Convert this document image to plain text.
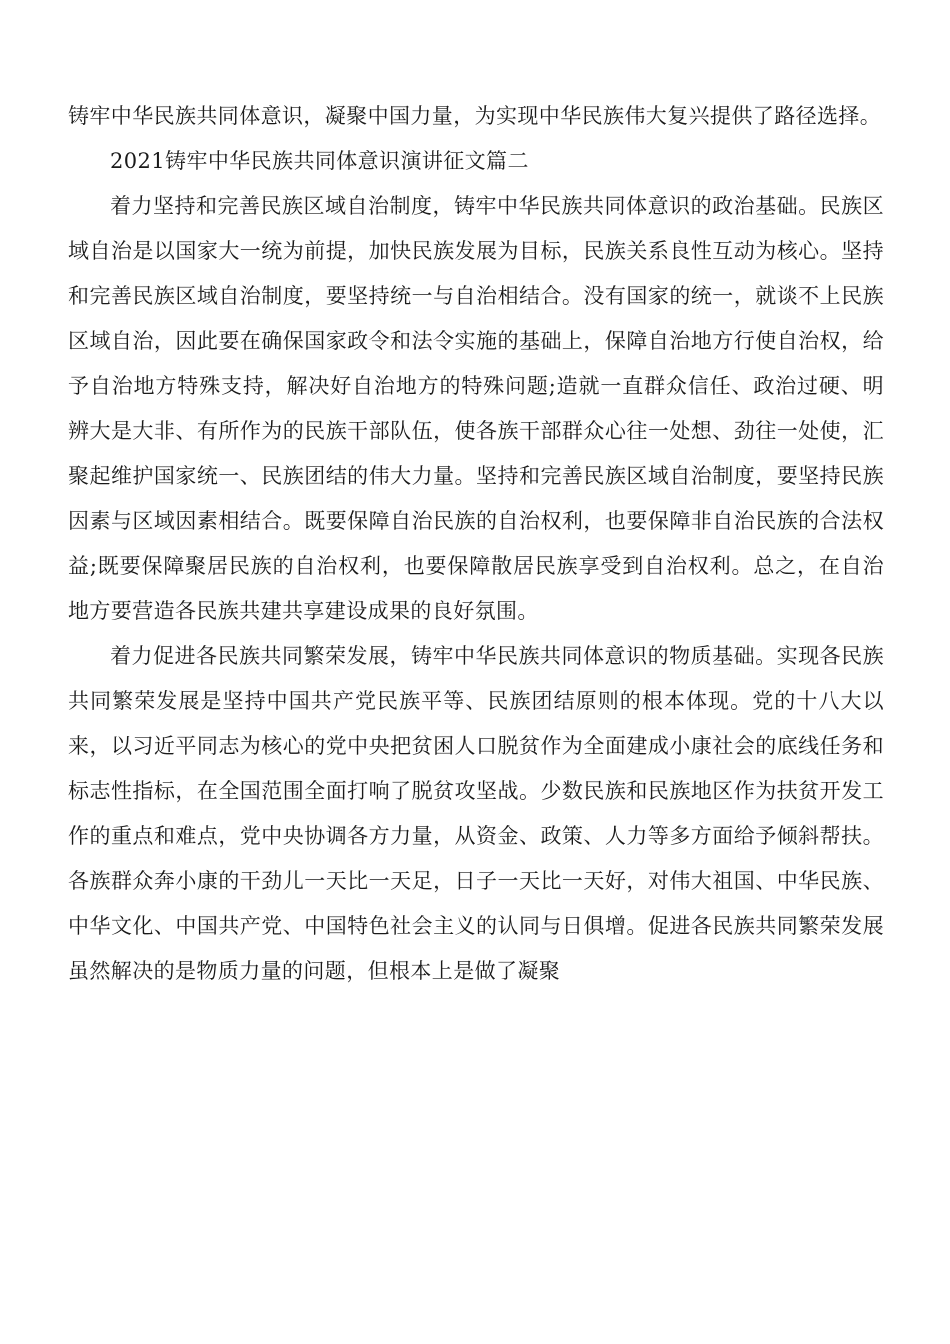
铸牢中华民族共同体意识，凝聚中国力量，为实现中华民族伟大复兴提供了路径选择。

2021铸牢中华民族共同体意识演讲征文篇二

着力坚持和完善民族区域自治制度，铸牢中华民族共同体意识的政治基础。民族区域自治是以国家大一统为前提，加快民族发展为目标，民族关系良性互动为核心。坚持和完善民族区域自治制度，要坚持统一与自治相结合。没有国家的统一，就谈不上民族区域自治，因此要在确保国家政令和法令实施的基础上，保障自治地方行使自治权，给予自治地方特殊支持，解决好自治地方的特殊问题;造就一直群众信任、政治过硬、明辨大是大非、有所作为的民族干部队伍，使各族干部群众心往一处想、劲往一处使，汇聚起维护国家统一、民族团结的伟大力量。坚持和完善民族区域自治制度，要坚持民族因素与区域因素相结合。既要保障自治民族的自治权利，也要保障非自治民族的合法权益;既要保障聚居民族的自治权利，也要保障散居民族享受到自治权利。总之，在自治地方要营造各民族共建共享建设成果的良好氛围。

着力促进各民族共同繁荣发展，铸牢中华民族共同体意识的物质基础。实现各民族共同繁荣发展是坚持中国共产党民族平等、民族团结原则的根本体现。党的十八大以来，以习近平同志为核心的党中央把贫困人口脱贫作为全面建成小康社会的底线任务和标志性指标，在全国范围全面打响了脱贫攻坚战。少数民族和民族地区作为扶贫开发工作的重点和难点，党中央协调各方力量，从资金、政策、人力等多方面给予倾斜帮扶。各族群众奔小康的干劲儿一天比一天足，日子一天比一天好，对伟大祖国、中华民族、中华文化、中国共产党、中国特色社会主义的认同与日俱增。促进各民族共同繁荣发展虽然解决的是物质力量的问题，但根本上是做了凝聚
